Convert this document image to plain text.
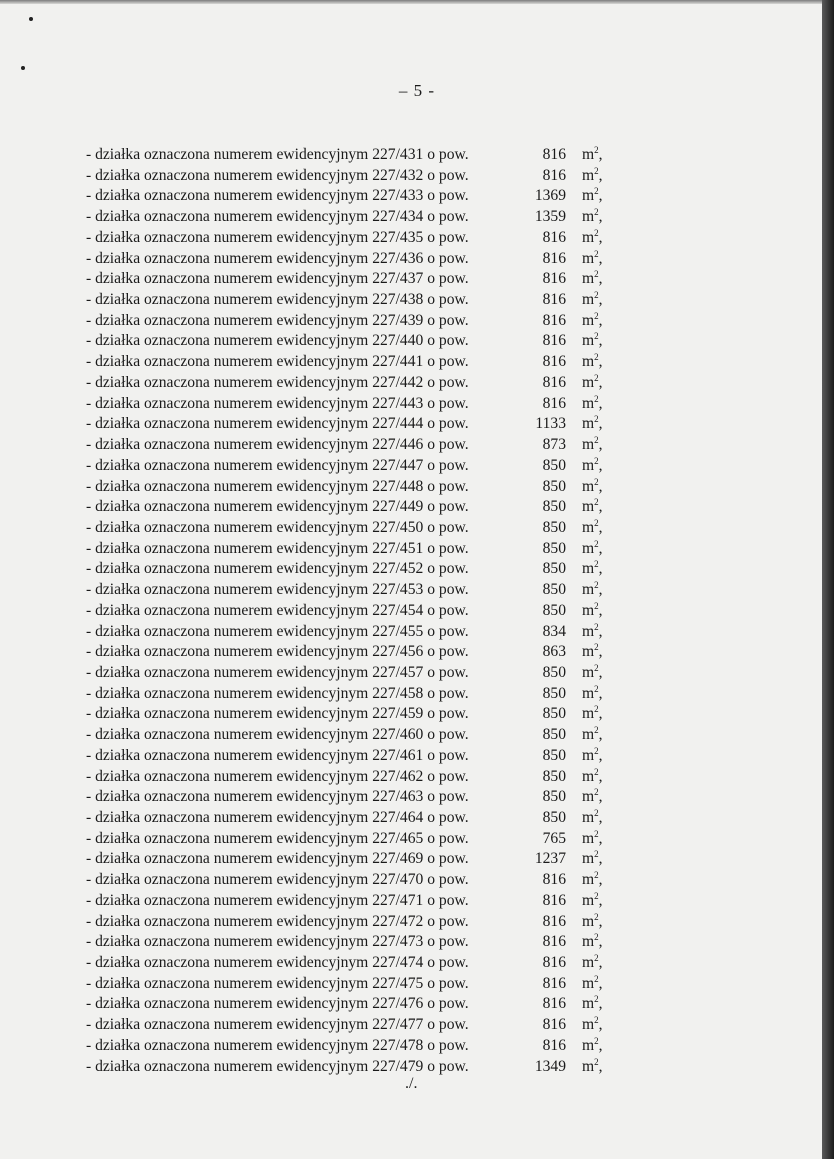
– 5 -
- działka oznaczona numerem ewidencyjnym 227/431 o pow.	816 $m^2$,
- działka oznaczona numerem ewidencyjnym 227/432 o pow.	816 $m^2$,
- działka oznaczona numerem ewidencyjnym 227/433 o pow.	1369 $m^2$,
- działka oznaczona numerem ewidencyjnym 227/434 o pow.	1359 $m^2$,
- działka oznaczona numerem ewidencyjnym 227/435 o pow.	816 $m^2$,
- działka oznaczona numerem ewidencyjnym 227/436 o pow.	816 $m^2$,
- działka oznaczona numerem ewidencyjnym 227/437 o pow.	816 $m^2$,
- działka oznaczona numerem ewidencyjnym 227/438 o pow.	816 $m^2$,
- działka oznaczona numerem ewidencyjnym 227/439 o pow.	816 $m^2$,
- działka oznaczona numerem ewidencyjnym 227/440 o pow.	816 $m^2$,
- działka oznaczona numerem ewidencyjnym 227/441 o pow.	816 $m^2$,
- działka oznaczona numerem ewidencyjnym 227/442 o pow.	816 $m^2$,
- działka oznaczona numerem ewidencyjnym 227/443 o pow.	816 $m^2$,
- działka oznaczona numerem ewidencyjnym 227/444 o pow.	1133 $m^2$,
- działka oznaczona numerem ewidencyjnym 227/446 o pow.	873 $m^2$,
- działka oznaczona numerem ewidencyjnym 227/447 o pow.	850 $m^2$,
- działka oznaczona numerem ewidencyjnym 227/448 o pow.	850 $m^2$,
- działka oznaczona numerem ewidencyjnym 227/449 o pow.	850 $m^2$,
- działka oznaczona numerem ewidencyjnym 227/450 o pow.	850 $m^2$,
- działka oznaczona numerem ewidencyjnym 227/451 o pow.	850 $m^2$,
- działka oznaczona numerem ewidencyjnym 227/452 o pow.	850 $m^2$,
- działka oznaczona numerem ewidencyjnym 227/453 o pow.	850 $m^2$,
- działka oznaczona numerem ewidencyjnym 227/454 o pow.	850 $m^2$,
- działka oznaczona numerem ewidencyjnym 227/455 o pow.	834 $m^2$,
- działka oznaczona numerem ewidencyjnym 227/456 o pow.	863 $m^2$,
- działka oznaczona numerem ewidencyjnym 227/457 o pow.	850 $m^2$,
- działka oznaczona numerem ewidencyjnym 227/458 o pow.	850 $m^2$,
- działka oznaczona numerem ewidencyjnym 227/459 o pow.	850 $m^2$,
- działka oznaczona numerem ewidencyjnym 227/460 o pow.	850 $m^2$,
- działka oznaczona numerem ewidencyjnym 227/461 o pow.	850 $m^2$,
- działka oznaczona numerem ewidencyjnym 227/462 o pow.	850 $m^2$,
- działka oznaczona numerem ewidencyjnym 227/463 o pow.	850 $m^2$,
- działka oznaczona numerem ewidencyjnym 227/464 o pow.	850 $m^2$,
- działka oznaczona numerem ewidencyjnym 227/465 o pow.	765 $m^2$,
- działka oznaczona numerem ewidencyjnym 227/469 o pow.	1237 $m^2$,
- działka oznaczona numerem ewidencyjnym 227/470 o pow.	816 $m^2$,
- działka oznaczona numerem ewidencyjnym 227/471 o pow.	816 $m^2$,
- działka oznaczona numerem ewidencyjnym 227/472 o pow.	816 $m^2$,
- działka oznaczona numerem ewidencyjnym 227/473 o pow.	816 $m^2$,
- działka oznaczona numerem ewidencyjnym 227/474 o pow.	816 $m^2$,
- działka oznaczona numerem ewidencyjnym 227/475 o pow.	816 $m^2$,
- działka oznaczona numerem ewidencyjnym 227/476 o pow.	816 $m^2$,
- działka oznaczona numerem ewidencyjnym 227/477 o pow.	816 $m^2$,
- działka oznaczona numerem ewidencyjnym 227/478 o pow.	816 $m^2$,
- działka oznaczona numerem ewidencyjnym 227/479 o pow.	1349 $m^2$,
./.
